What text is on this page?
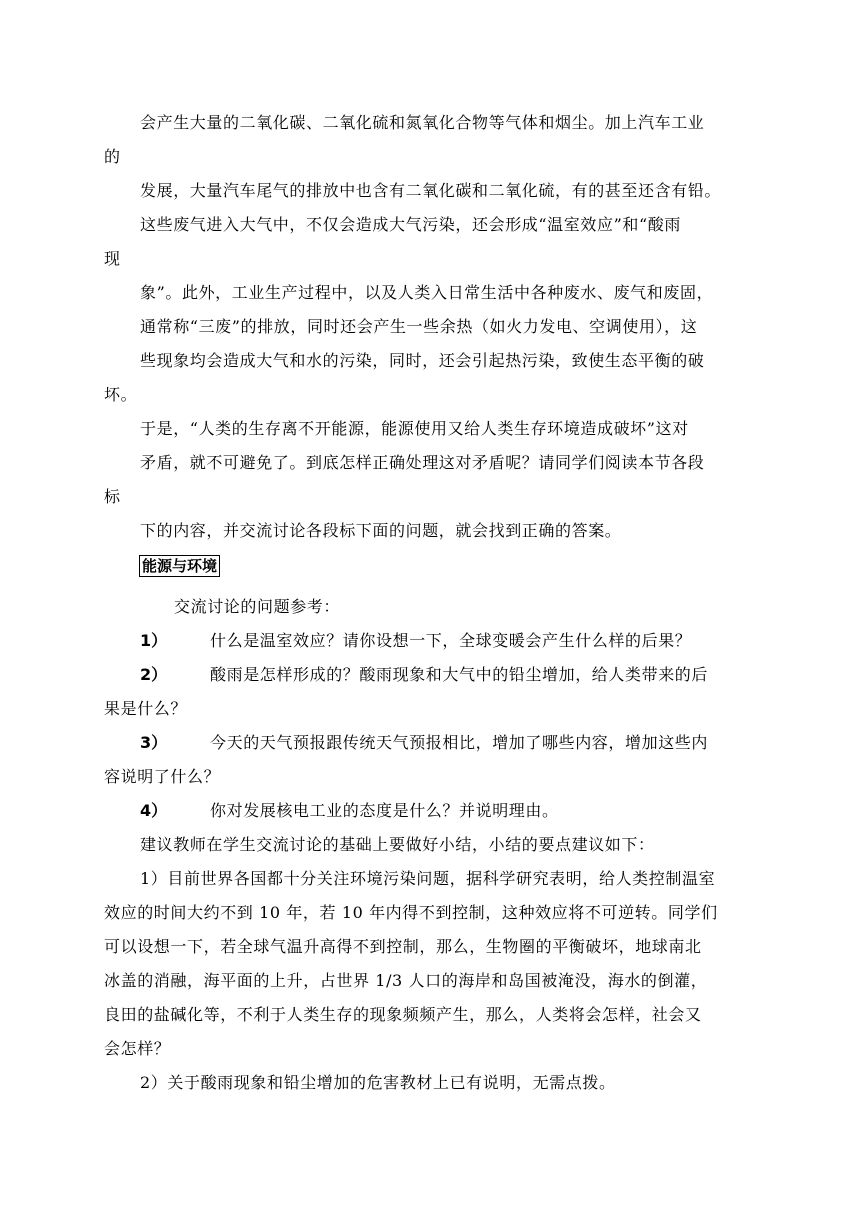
会产生大量的二氧化碳、二氧化硫和氮氧化合物等气体和烟尘。加上汽车工业
的
发展，大量汽车尾气的排放中也含有二氧化碳和二氧化硫，有的甚至还含有铅。
这些废气进入大气中，不仅会造成大气污染，还会形成“温室效应”和“酸雨
现
象”。此外，工业生产过程中，以及人类入日常生活中各种废水、废气和废固，
通常称“三废”的排放，同时还会产生一些余热（如火力发电、空调使用），这
些现象均会造成大气和水的污染，同时，还会引起热污染，致使生态平衡的破
坏。
于是，“人类的生存离不开能源，能源使用又给人类生存环境造成破坏”这对
矛盾，就不可避免了。到底怎样正确处理这对矛盾呢？请同学们阅读本节各段
标
下的内容，并交流讨论各段标下面的问题，就会找到正确的答案。
能源与环境
交流讨论的问题参考：
1）	什么是温室效应？请你设想一下，全球变暖会产生什么样的后果？
2）	酸雨是怎样形成的？酸雨现象和大气中的铅尘增加，给人类带来的后
果是什么？
3）	今天的天气预报跟传统天气预报相比，增加了哪些内容，增加这些内
容说明了什么？
4）	你对发展核电工业的态度是什么？并说明理由。
建议教师在学生交流讨论的基础上要做好小结，小结的要点建议如下：
1）目前世界各国都十分关注环境污染问题，据科学研究表明，给人类控制温室
效应的时间大约不到 10 年，若 10 年内得不到控制，这种效应将不可逆转。同学们
可以设想一下，若全球气温升高得不到控制，那么，生物圈的平衡破坏，地球南北
冰盖的消融，海平面的上升，占世界 1/3 人口的海岸和岛国被淹没，海水的倒灌，
良田的盐碱化等，不利于人类生存的现象频频产生，那么，人类将会怎样，社会又
会怎样？
2）关于酸雨现象和铅尘增加的危害教材上已有说明，无需点拨。
